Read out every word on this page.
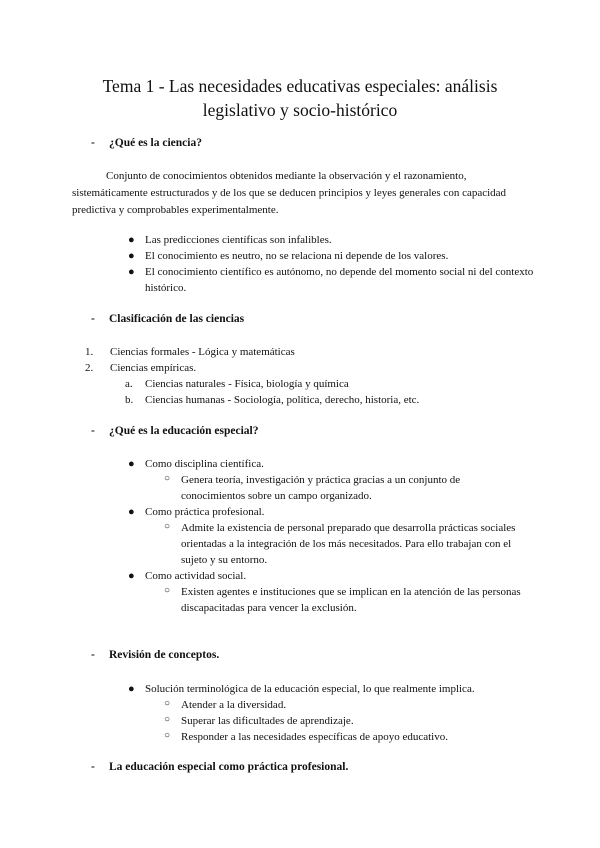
Tema 1 - Las necesidades educativas especiales: análisis
legislativo y socio-histórico
- ¿Qué es la ciencia?
Conjunto de conocimientos obtenidos mediante la observación y el razonamiento, sistemáticamente estructurados y de los que se deducen principios y leyes generales con capacidad predictiva y comprobables experimentalmente.
● Las predicciones científicas son infalibles.
● El conocimiento es neutro, no se relaciona ni depende de los valores.
● El conocimiento científico es autónomo, no depende del momento social ni del contexto histórico.
- Clasificación de las ciencias
1. Ciencias formales - Lógica y matemáticas
2. Ciencias empíricas.
a. Ciencias naturales - Física, biología y química
b. Ciencias humanas - Sociología, política, derecho, historia, etc.
- ¿Qué es la educación especial?
● Como disciplina científica.
○ Genera teoría, investigación y práctica gracias a un conjunto de conocimientos sobre un campo organizado.
● Como práctica profesional.
○ Admite la existencia de personal preparado que desarrolla prácticas sociales orientadas a la integración de los más necesitados. Para ello trabajan con el sujeto y su entorno.
● Como actividad social.
○ Existen agentes e instituciones que se implican en la atención de las personas discapacitadas para vencer la exclusión.
- Revisión de conceptos.
● Solución terminológica de la educación especial, lo que realmente implica.
○ Atender a la diversidad.
○ Superar las dificultades de aprendizaje.
○ Responder a las necesidades específicas de apoyo educativo.
- La educación especial como práctica profesional.
